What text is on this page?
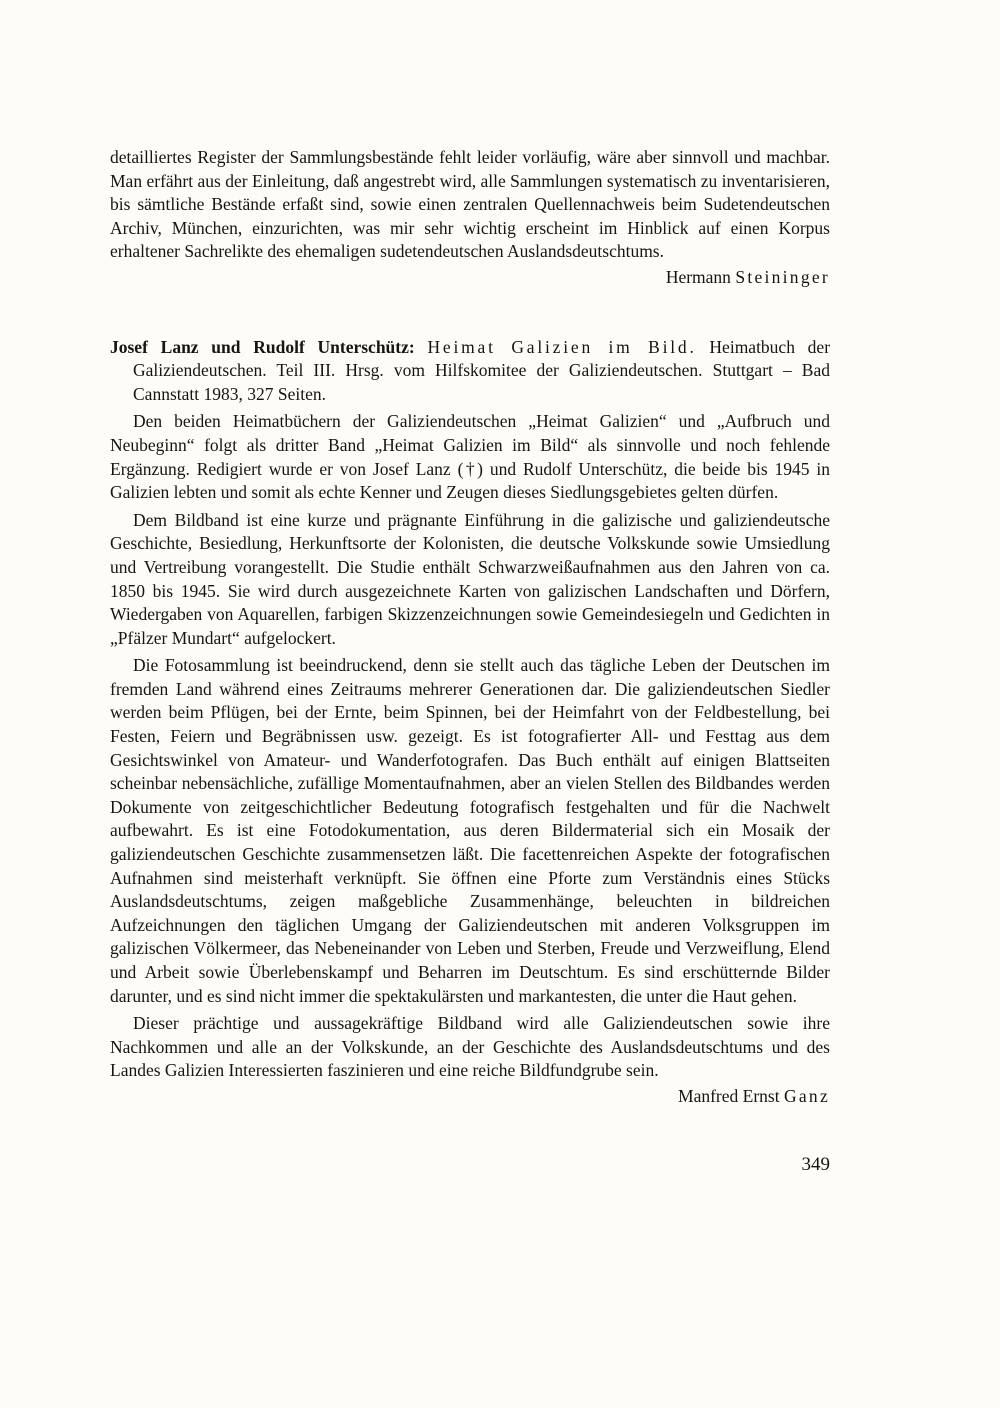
detailliertes Register der Sammlungsbestände fehlt leider vorläufig, wäre aber sinnvoll und machbar. Man erfährt aus der Einleitung, daß angestrebt wird, alle Sammlungen systematisch zu inventarisieren, bis sämtliche Bestände erfaßt sind, sowie einen zentralen Quellennachweis beim Sudetendeutschen Archiv, München, einzurichten, was mir sehr wichtig erscheint im Hinblick auf einen Korpus erhaltener Sachrelikte des ehemaligen sudetendeutschen Auslandsdeutschtums.

Hermann Steininger

Josef Lanz und Rudolf Unterschütz: Heimat Galizien im Bild. Heimatbuch der Galiziendeutschen. Teil III. Hrsg. vom Hilfskomitee der Galiziendeutschen. Stuttgart – Bad Cannstatt 1983, 327 Seiten.

Den beiden Heimatbüchern der Galiziendeutschen „Heimat Galizien“ und „Aufbruch und Neubeginn“ folgt als dritter Band „Heimat Galizien im Bild“ als sinnvolle und noch fehlende Ergänzung. Redigiert wurde er von Josef Lanz (†) und Rudolf Unterschütz, die beide bis 1945 in Galizien lebten und somit als echte Kenner und Zeugen dieses Siedlungsgebietes gelten dürfen.

Dem Bildband ist eine kurze und prägnante Einführung in die galizische und galiziendeutsche Geschichte, Besiedlung, Herkunftsorte der Kolonisten, die deutsche Volkskunde sowie Umsiedlung und Vertreibung vorangestellt. Die Studie enthält Schwarzweißaufnahmen aus den Jahren von ca. 1850 bis 1945. Sie wird durch ausgezeichnete Karten von galizischen Landschaften und Dörfern, Wiedergaben von Aquarellen, farbigen Skizzenzeichnungen sowie Gemeindesiegeln und Gedichten in „Pfälzer Mundart“ aufgelockert.

Die Fotosammlung ist beeindruckend, denn sie stellt auch das tägliche Leben der Deutschen im fremden Land während eines Zeitraums mehrerer Generationen dar. Die galiziendeutschen Siedler werden beim Pflügen, bei der Ernte, beim Spinnen, bei der Heimfahrt von der Feldbestellung, bei Festen, Feiern und Begräbnissen usw. gezeigt. Es ist fotografierter All- und Festtag aus dem Gesichtswinkel von Amateur- und Wanderfotografen. Das Buch enthält auf einigen Blattseiten scheinbar nebensächliche, zufällige Momentaufnahmen, aber an vielen Stellen des Bildbandes werden Dokumente von zeitgeschichtlicher Bedeutung fotografisch festgehalten und für die Nachwelt aufbewahrt. Es ist eine Fotodokumentation, aus deren Bildermaterial sich ein Mosaik der galiziendeutschen Geschichte zusammensetzen läßt. Die facettenreichen Aspekte der fotografischen Aufnahmen sind meisterhaft verknüpft. Sie öffnen eine Pforte zum Verständnis eines Stücks Auslandsdeutschtums, zeigen maßgebliche Zusammenhänge, beleuchten in bildreichen Aufzeichnungen den täglichen Umgang der Galiziendeutschen mit anderen Volksgruppen im galizischen Völkermeer, das Nebeneinander von Leben und Sterben, Freude und Verzweiflung, Elend und Arbeit sowie Überlebenskampf und Beharren im Deutschtum. Es sind erschütternde Bilder darunter, und es sind nicht immer die spektakulärsten und markantesten, die unter die Haut gehen.

Dieser prächtige und aussagekräftige Bildband wird alle Galiziendeutschen sowie ihre Nachkommen und alle an der Volkskunde, an der Geschichte des Auslandsdeutschtums und des Landes Galizien Interessierten faszinieren und eine reiche Bildfundgrube sein.

Manfred Ernst Ganz

349
